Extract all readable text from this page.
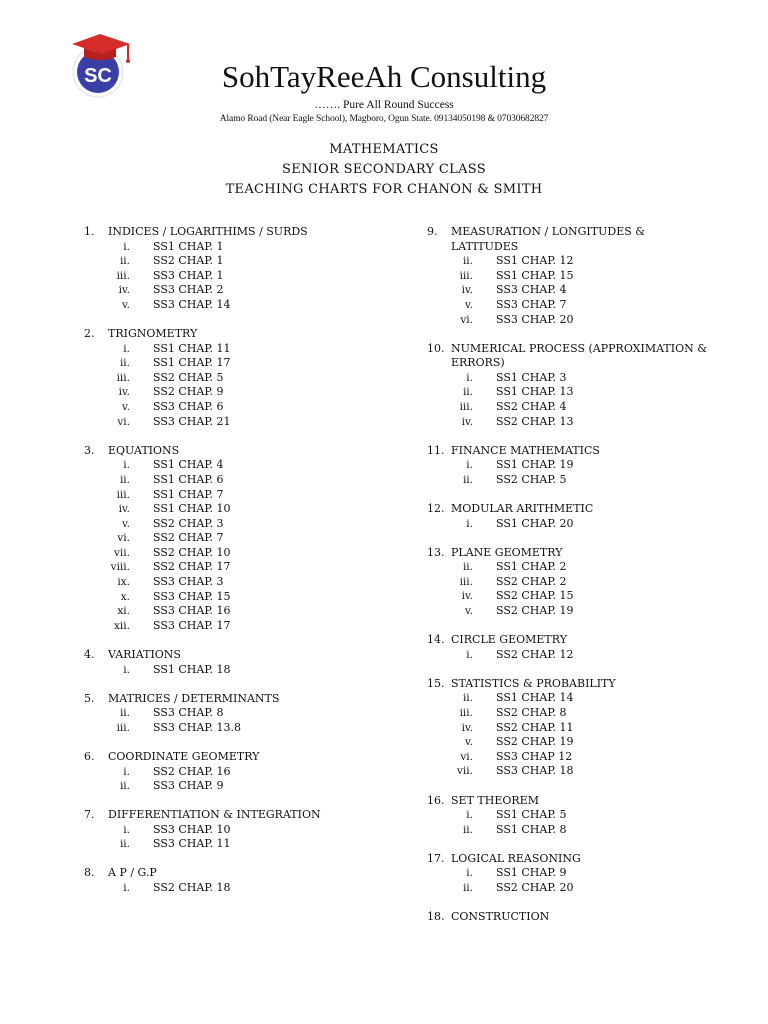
SC	SohTayReeAh Consulting
……. Pure All Round Success
Alamo Road (Near Eagle School), Magboro, Ogun State. 09134050198 & 07030682827
MATHEMATICS
SENIOR SECONDARY CLASS
TEACHING CHARTS FOR CHANON & SMITH
1. INDICES / LOGARITHIMS / SURDS
i. SS1 CHAP. 1
ii. SS2 CHAP. 1
iii. SS3 CHAP. 1
iv. SS3 CHAP. 2
v. SS3 CHAP. 14
2. TRIGNOMETRY
i. SS1 CHAP. 11
ii. SS1 CHAP. 17
iii. SS2 CHAP. 5
iv. SS2 CHAP. 9
v. SS3 CHAP. 6
vi. SS3 CHAP. 21
3. EQUATIONS
i. SS1 CHAP. 4
ii. SS1 CHAP. 6
iii. SS1 CHAP. 7
iv. SS1 CHAP. 10
v. SS2 CHAP. 3
vi. SS2 CHAP. 7
vii. SS2 CHAP. 10
viii. SS2 CHAP. 17
ix. SS3 CHAP. 3
x. SS3 CHAP. 15
xi. SS3 CHAP. 16
xii. SS3 CHAP. 17
4. VARIATIONS
i. SS1 CHAP. 18
5. MATRICES / DETERMINANTS
ii. SS3 CHAP. 8
iii. SS3 CHAP. 13.8
6. COORDINATE GEOMETRY
i. SS2 CHAP. 16
ii. SS3 CHAP. 9
7. DIFFERENTIATION & INTEGRATION
i. SS3 CHAP. 10
ii. SS3 CHAP. 11
8. A P / G.P
i. SS2 CHAP. 18
9. MEASURATION / LONGITUDES &
LATITUDES
ii. SS1 CHAP. 12
iii. SS1 CHAP. 15
iv. SS3 CHAP. 4
v. SS3 CHAP. 7
vi. SS3 CHAP. 20
10. NUMERICAL PROCESS (APPROXIMATION &
ERRORS)
i. SS1 CHAP. 3
ii. SS1 CHAP. 13
iii. SS2 CHAP. 4
iv. SS2 CHAP. 13
11. FINANCE MATHEMATICS
i. SS1 CHAP. 19
ii. SS2 CHAP. 5
12. MODULAR ARITHMETIC
i. SS1 CHAP. 20
13. PLANE GEOMETRY
ii. SS1 CHAP. 2
iii. SS2 CHAP. 2
iv. SS2 CHAP. 15
v. SS2 CHAP. 19
14. CIRCLE GEOMETRY
i. SS2 CHAP. 12
15. STATISTICS & PROBABILITY
ii. SS1 CHAP. 14
iii. SS2 CHAP. 8
iv. SS2 CHAP. 11
v. SS2 CHAP. 19
vi. SS3 CHAP 12
vii. SS3 CHAP. 18
16. SET THEOREM
i. SS1 CHAP. 5
ii. SS1 CHAP. 8
17. LOGICAL REASONING
i. SS1 CHAP. 9
ii. SS2 CHAP. 20
18. CONSTRUCTION
